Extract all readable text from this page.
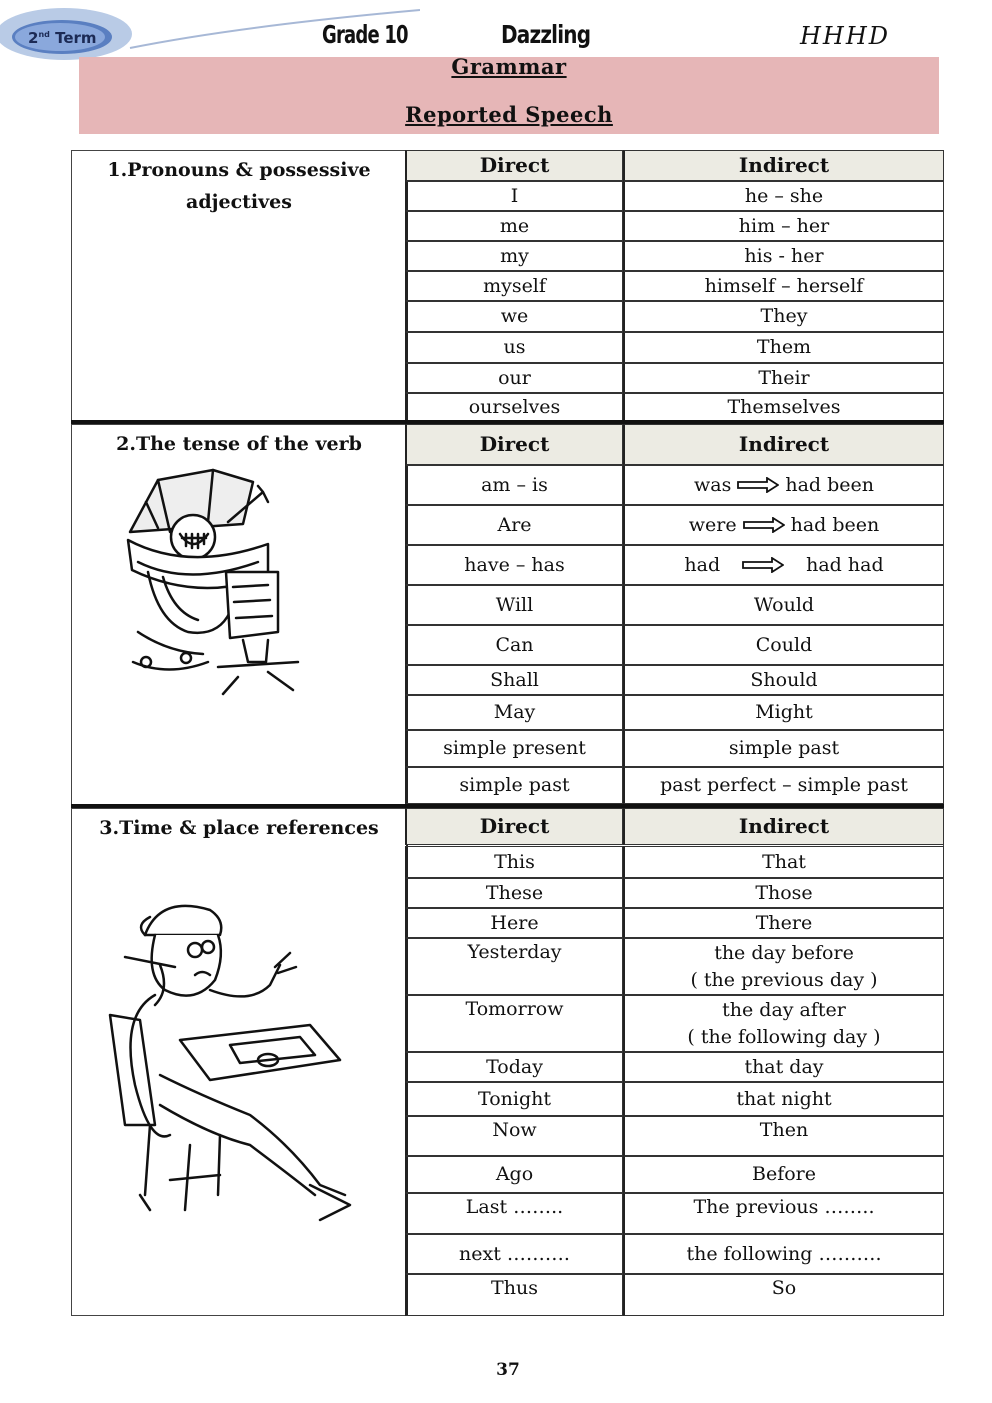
2nd Term	Grade 10	Dazzling	HHHD
Grammar
Reported Speech
1.Pronouns & possessive adjectives
Direct	Indirect
I	he – she
me	him – her
my	his - her
myself	himself – herself
we	They
us	Them
our	Their
ourselves	Themselves
2.The tense of the verb	Direct	Indirect
am – is	was	had been
Are	were	had been
have – has	had	had had
Will	Would
Can	Could
Shall	Should
May	Might
simple present	simple past
simple past	past perfect – simple past
3.Time & place references	Direct	Indirect
This	That
These	Those
Here	There
Yesterday	the day before
( the previous day )
Tomorrow	the day after
( the following day )
Today	that day
Tonight	that night
Now	Then
Ago	Before
Last ……..	The previous ……..
next ……….	the following ……….
Thus	So
37
